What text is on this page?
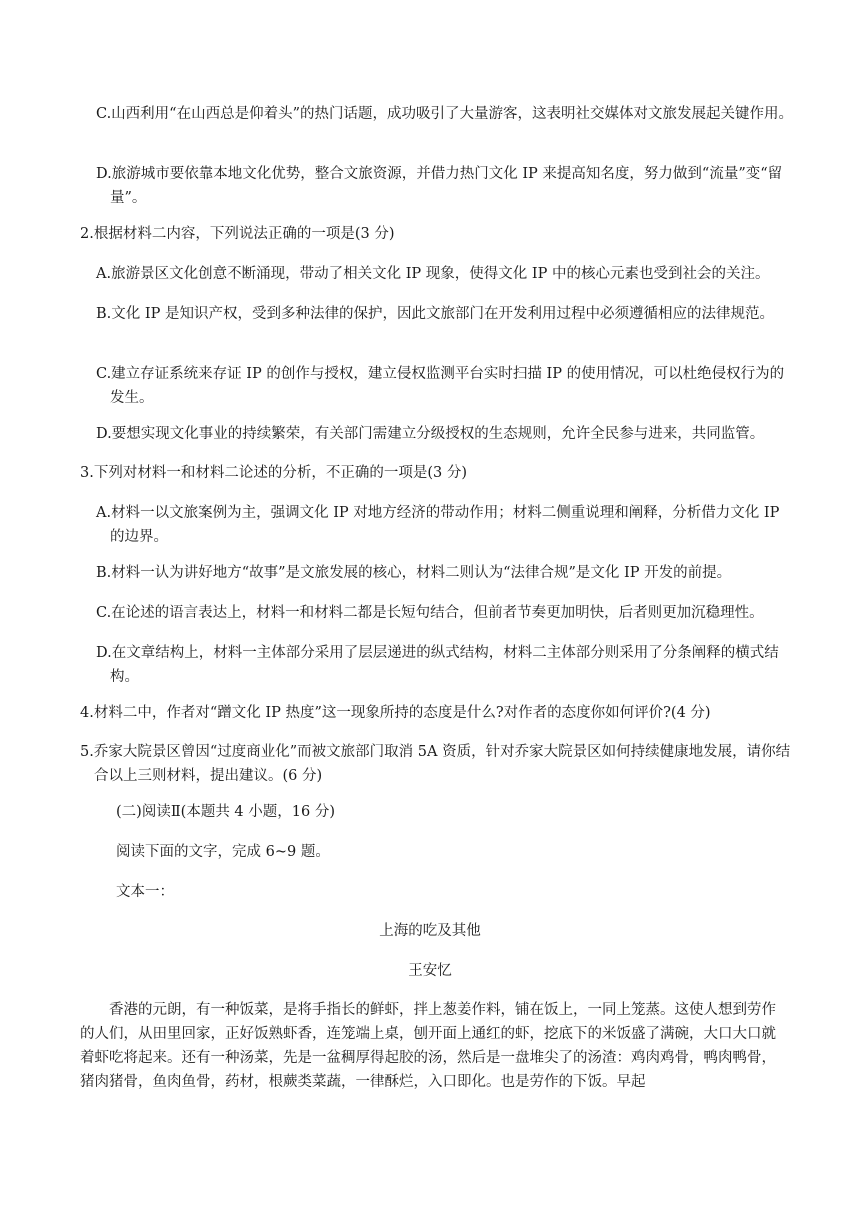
C.山西利用“在山西总是仰着头”的热门话题，成功吸引了大量游客，这表明社交媒体对文旅发展起关键作用。
D.旅游城市要依靠本地文化优势，整合文旅资源，并借力热门文化 IP 来提高知名度，努力做到“流量”变“留量”。
2.根据材料二内容，下列说法正确的一项是(3 分)
A.旅游景区文化创意不断涌现，带动了相关文化 IP 现象，使得文化 IP 中的核心元素也受到社会的关注。
B.文化 IP 是知识产权，受到多种法律的保护，因此文旅部门在开发利用过程中必须遵循相应的法律规范。
C.建立存证系统来存证 IP 的创作与授权，建立侵权监测平台实时扫描 IP 的使用情况，可以杜绝侵权行为的发生。
D.要想实现文化事业的持续繁荣，有关部门需建立分级授权的生态规则，允许全民参与进来，共同监管。
3.下列对材料一和材料二论述的分析，不正确的一项是(3 分)
A.材料一以文旅案例为主，强调文化 IP 对地方经济的带动作用；材料二侧重说理和阐释，分析借力文化 IP 的边界。
B.材料一认为讲好地方“故事”是文旅发展的核心，材料二则认为“法律合规”是文化 IP 开发的前提。
C.在论述的语言表达上，材料一和材料二都是长短句结合，但前者节奏更加明快，后者则更加沉稳理性。
D.在文章结构上，材料一主体部分采用了层层递进的纵式结构，材料二主体部分则采用了分条阐释的横式结构。
4.材料二中，作者对“蹭文化 IP 热度”这一现象所持的态度是什么?对作者的态度你如何评价?(4 分)
5.乔家大院景区曾因“过度商业化”而被文旅部门取消 5A 资质，针对乔家大院景区如何持续健康地发展，请你结合以上三则材料，提出建议。(6 分)
(二)阅读Ⅱ(本题共 4 小题，16 分)
阅读下面的文字，完成 6~9 题。
文本一：
上海的吃及其他
王安忆
香港的元朗，有一种饭菜，是将手指长的鲜虾，拌上葱姜作料，铺在饭上，一同上笼蒸。这使人想到劳作的人们，从田里回家，正好饭熟虾香，连笼端上桌，刨开面上通红的虾，挖底下的米饭盛了满碗，大口大口就着虾吃将起来。还有一种汤菜，先是一盆稠厚得起胶的汤，然后是一盘堆尖了的汤渣：鸡肉鸡骨，鸭肉鸭骨，猪肉猪骨，鱼肉鱼骨，药材，根蕨类菜蔬，一律酥烂，入口即化。也是劳作的下饭。早起
